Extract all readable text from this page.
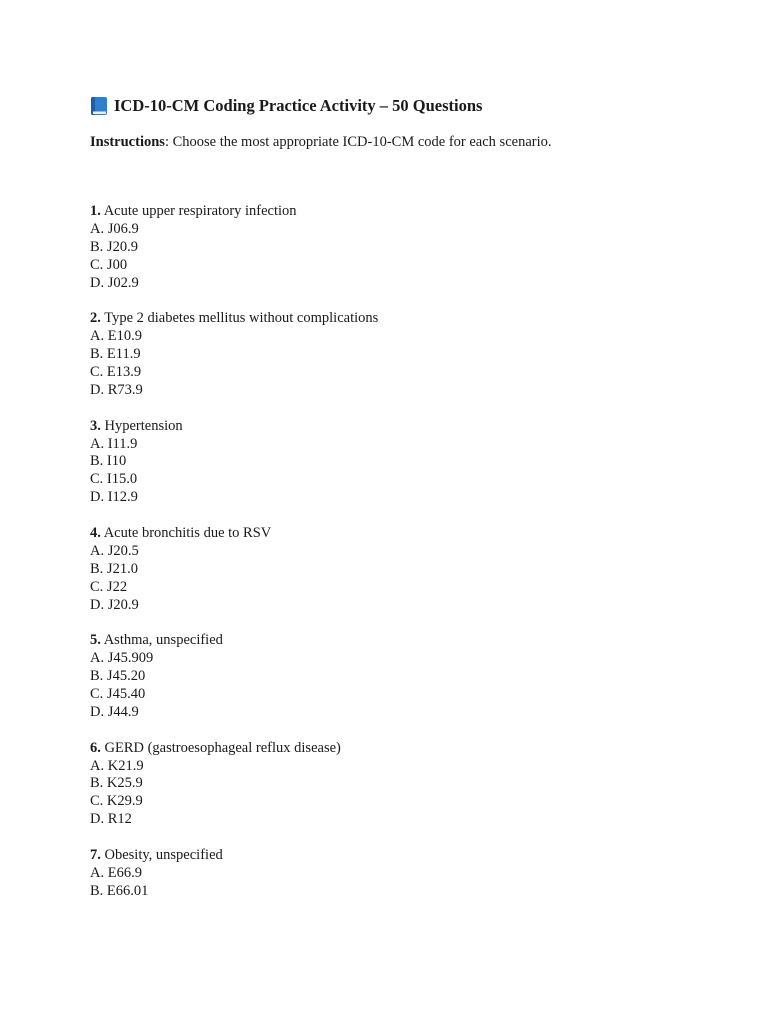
ICD-10-CM Coding Practice Activity – 50 Questions
Instructions: Choose the most appropriate ICD-10-CM code for each scenario.
1. Acute upper respiratory infection
A. J06.9
B. J20.9
C. J00
D. J02.9
2. Type 2 diabetes mellitus without complications
A. E10.9
B. E11.9
C. E13.9
D. R73.9
3. Hypertension
A. I11.9
B. I10
C. I15.0
D. I12.9
4. Acute bronchitis due to RSV
A. J20.5
B. J21.0
C. J22
D. J20.9
5. Asthma, unspecified
A. J45.909
B. J45.20
C. J45.40
D. J44.9
6. GERD (gastroesophageal reflux disease)
A. K21.9
B. K25.9
C. K29.9
D. R12
7. Obesity, unspecified
A. E66.9
B. E66.01
